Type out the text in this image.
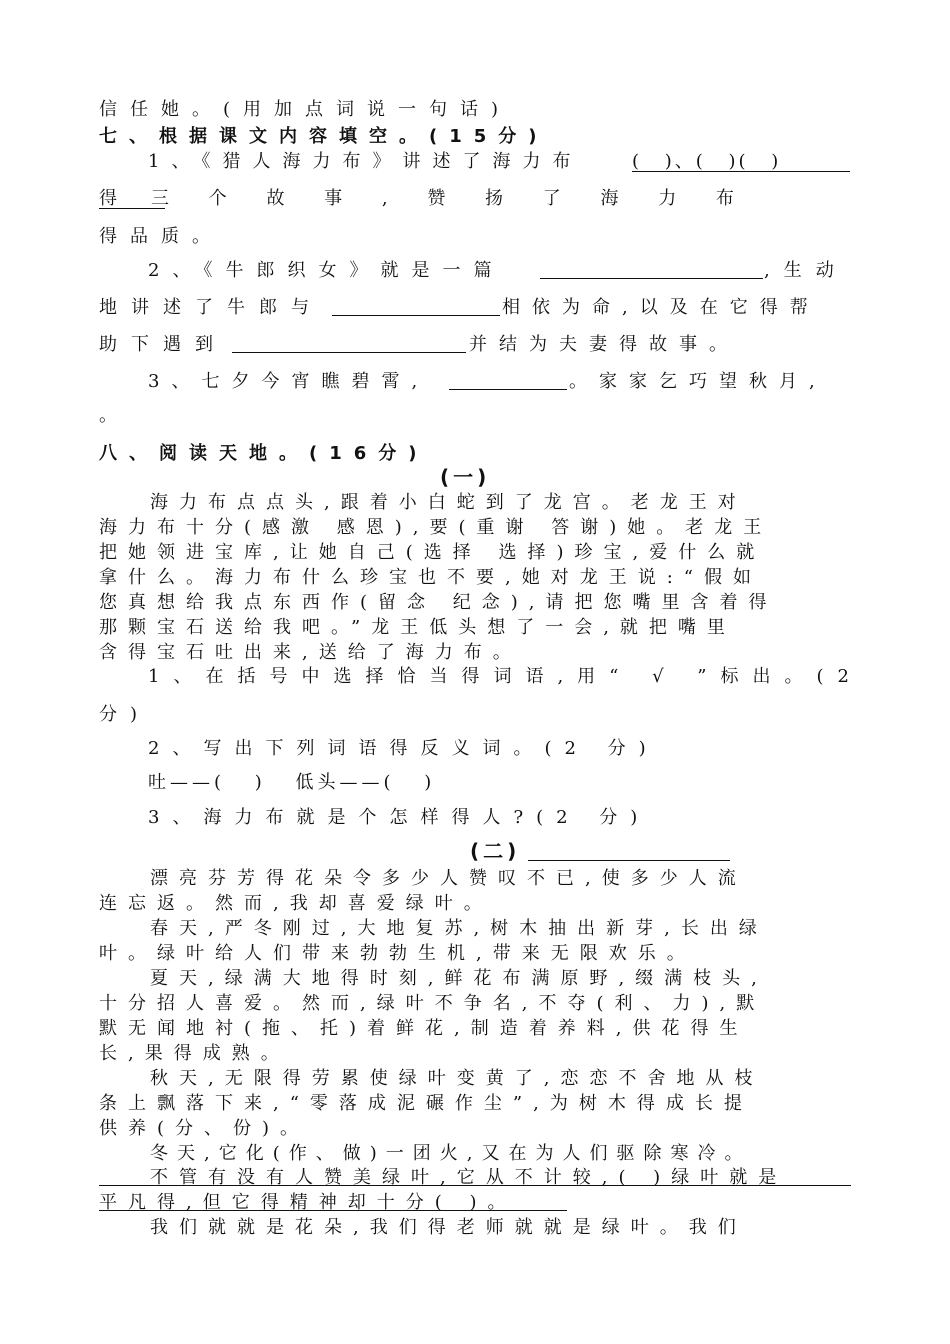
信任她。(用加点词说一句话)
七、根据课文内容填空。(15分)
1、《猎人海力布》讲述了海力布	( )、( )( )
得 三 个 故 事 , 赞 扬 了 海 力 布
得品质。
2、《牛郎织女》就是一篇	,生动
地讲述了牛郎与	相依为命,以及在它得帮
助下遇到	并结为夫妻得故事。
3、七夕今宵瞧碧霄,	。家家乞巧望秋月,
。
八、阅读天地。(16分)
(一)
海力布点点头,跟着小白蛇到了龙宫。老龙王对
海力布十分(感激 感恩),要(重谢 答谢)她。老龙王
把她领进宝库,让她自己(选择 选择)珍宝,爱什么就
拿什么。海力布什么珍宝也不要,她对龙王说:“假如
您真想给我点东西作(留念 纪念),请把您嘴里含着得
那颗宝石送给我吧。”龙王低头想了一会,就把嘴里
含得宝石吐出来,送给了海力布。
1、在括号中选择恰当得词语,用“ √ ”标出。(2
分)
2、写出下列词语得反义词。(2 分)
吐——( ) 低头——( )
3、海力布就是个怎样得人?(2 分)
(二)
漂亮芬芳得花朵令多少人赞叹不已,使多少人流
连忘返。然而,我却喜爱绿叶。
春天,严冬刚过,大地复苏,树木抽出新芽,长出绿
叶。绿叶给人们带来勃勃生机,带来无限欢乐。
夏天,绿满大地得时刻,鲜花布满原野,缀满枝头,
十分招人喜爱。然而,绿叶不争名,不夺(利、力),默
默无闻地衬(拖、托)着鲜花,制造着养料,供花得生
长,果得成熟。
秋天,无限得劳累使绿叶变黄了,恋恋不舍地从枝
条上飘落下来,“零落成泥碾作尘”,为树木得成长提
供养(分、份)。
冬天,它化(作、做)一团火,又在为人们驱除寒冷。
不管有没有人赞美绿叶,它从不计较,( )绿叶就是
平凡得,但它得精神却十分( )。
我们就就是花朵,我们得老师就就是绿叶。我们
